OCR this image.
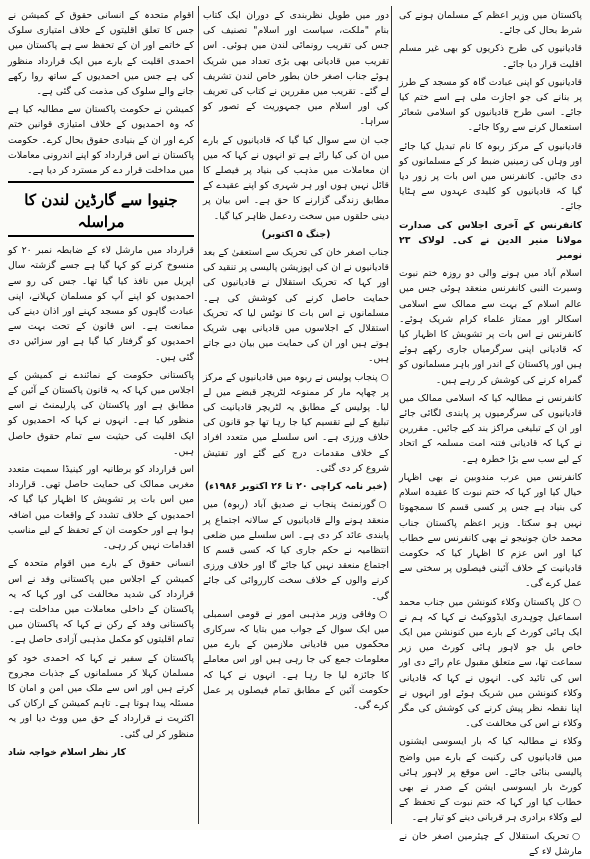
پاکستان میں وزیر اعظم کے مسلمان ہونے کی شرط بحال کی جائے۔

قادیانیوں کی طرح ذکریوں کو بھی غیر مسلم اقلیت قرار دیا جائے۔

قادیانیوں کو اپنی عبادت گاہ کو مسجد کے طرز پر بنانے کی جو اجازت ملی ہے اسے ختم کیا جائے۔ اسی طرح قادیانیوں کو اسلامی شعائر استعمال کرنے سے روکا جائے۔

قادیانیوں کے مرکز ربوہ کا نام تبدیل کیا جائے اور وہاں کی زمینیں ضبط کر کے مسلمانوں کو دی جائیں۔ کانفرنس میں اس بات پر زور دیا گیا کہ قادیانیوں کو کلیدی عہدوں سے ہٹایا جائے۔

کانفرنس کے آخری اجلاس کی صدارت مولانا منیر الدین نے کی۔ لولاک ۲۳ نومبر

اسلام آباد میں ہونے والی دو روزہ ختم نبوت وسیرت النبی کانفرنس منعقد ہوئی جس میں عالم اسلام کے بہت سے ممالک سے اسلامی اسکالر اور ممتاز علماء کرام شریک ہوئے۔ کانفرنس نے اس بات پر تشویش کا اظہار کیا کہ قادیانی اپنی سرگرمیاں جاری رکھے ہوئے ہیں اور پاکستان کے اندر اور باہر مسلمانوں کو گمراہ کرنے کی کوشش کر رہے ہیں۔

کانفرنس نے مطالبہ کیا کہ اسلامی ممالک میں قادیانیوں کی سرگرمیوں پر پابندی لگائی جائے اور ان کے تبلیغی مراکز بند کیے جائیں۔ مقررین نے کہا کہ قادیانی فتنہ امت مسلمہ کے اتحاد کے لیے سب سے بڑا خطرہ ہے۔

کانفرنس میں عرب مندوبین نے بھی اظہار خیال کیا اور کہا کہ ختم نبوت کا عقیدہ اسلام کی بنیاد ہے جس پر کسی قسم کا سمجھوتا نہیں ہو سکتا۔ وزیر اعظم پاکستان جناب محمد خان جونیجو نے بھی کانفرنس سے خطاب کیا اور اس عزم کا اظہار کیا کہ حکومت قادیانیت کے خلاف آئینی فیصلوں پر سختی سے عمل کرے گی۔

○کل پاکستان وکلاء کنونشن میں جناب محمد اسماعیل چوہدری ایڈووکیٹ نے کہا کہ ہم نے ایک ہائی کورٹ کے بارے میں کنونشن میں ایک خاص بل جو لاہور ہائی کورٹ میں زیر سماعت تھا، سے متعلق مقبول عام رائے دی اور اس کی تائید کی۔ انہوں نے کہا کہ قادیانی وکلاء کنونشن میں شریک ہوئے اور انہوں نے اپنا نقطہ نظر پیش کرنے کی کوشش کی مگر وکلاء نے اس کی مخالفت کی۔

وکلاء نے مطالبہ کیا کہ بار ایسوسی ایشنوں میں قادیانیوں کی رکنیت کے بارے میں واضح پالیسی بنائی جائے۔ اس موقع پر لاہور ہائی کورٹ بار ایسوسی ایشن کے صدر نے بھی خطاب کیا اور کہا کہ ختم نبوت کے تحفظ کے لیے وکلاء برادری ہر قربانی دینے کو تیار ہے۔

○تحریک استقلال کے چیئرمین اصغر خان نے مارشل لاء کے

دور میں طویل نظربندی کے دوران ایک کتاب بنام "ملکت، سیاست اور اسلام" تصنیف کی جس کی تقریب رونمائی لندن میں ہوئی۔ اس تقریب میں قادیانی بھی بڑی تعداد میں شریک ہوئے جناب اصغر خان بطور خاص لندن تشریف لے گئے۔ تقریب میں مقررین نے کتاب کی تعریف کی اور اسلام میں جمہوریت کے تصور کو سراہا۔

جب ان سے سوال کیا گیا کہ قادیانیوں کے بارے میں ان کی کیا رائے ہے تو انہوں نے کہا کہ میں ان معاملات میں مذہب کی بنیاد پر فیصلے کا قائل نہیں ہوں اور ہر شہری کو اپنے عقیدے کے مطابق زندگی گزارنے کا حق ہے۔ اس بیان پر دینی حلقوں میں سخت ردعمل ظاہر کیا گیا۔

(جنگ ۵ اکتوبر)

جناب اصغر خان کی تحریک سے استعفیٰ کے بعد قادیانیوں نے ان کی اپوزیشن پالیسی پر تنقید کی اور کہا کہ تحریک استقلال نے قادیانیوں کی حمایت حاصل کرنے کی کوشش کی ہے۔ مسلمانوں نے اس بات کا نوٹس لیا کہ تحریک استقلال کے اجلاسوں میں قادیانی بھی شریک ہوتے ہیں اور ان کی حمایت میں بیان دیے جاتے ہیں۔

○پنجاب پولیس نے ربوہ میں قادیانیوں کے مرکز پر چھاپہ مار کر ممنوعہ لٹریچر قبضے میں لے لیا۔ پولیس کے مطابق یہ لٹریچر قادیانیت کی تبلیغ کے لیے تقسیم کیا جا رہا تھا جو قانون کی خلاف ورزی ہے۔ اس سلسلے میں متعدد افراد کے خلاف مقدمات درج کیے گئے اور تفتیش شروع کر دی گئی۔

(خبر نامہ کراچی ۲۰ تا ۲۶ اکتوبر ۱۹۸۶ء)

○گورنمنٹ پنجاب نے صدیق آباد (ربوہ) میں منعقد ہونے والے قادیانیوں کے سالانہ اجتماع پر پابندی عائد کر دی ہے۔ اس سلسلے میں ضلعی انتظامیہ نے حکم جاری کیا کہ کسی قسم کا اجتماع منعقد نہیں کیا جائے گا اور خلاف ورزی کرنے والوں کے خلاف سخت کارروائی کی جائے گی۔

○وفاقی وزیر مذہبی امور نے قومی اسمبلی میں ایک سوال کے جواب میں بتایا کہ سرکاری محکموں میں قادیانی ملازمین کے بارے میں معلومات جمع کی جا رہی ہیں اور اس معاملے کا جائزہ لیا جا رہا ہے۔ انہوں نے کہا کہ حکومت آئین کے مطابق تمام فیصلوں پر عمل کرے گی۔

اقوام متحدہ کے انسانی حقوق کے کمیشن نے جس کا تعلق اقلیتوں کے خلاف امتیازی سلوک کے خاتمے اور ان کے تحفظ سے ہے پاکستان میں احمدی اقلیت کے بارے میں ایک قرارداد منظور کی ہے جس میں احمدیوں کے ساتھ روا رکھے جانے والے سلوک کی مذمت کی گئی ہے۔

کمیشن نے حکومت پاکستان سے مطالبہ کیا ہے کہ وہ احمدیوں کے خلاف امتیازی قوانین ختم کرے اور ان کے بنیادی حقوق بحال کرے۔ حکومت پاکستان نے اس قرارداد کو اپنے اندرونی معاملات میں مداخلت قرار دے کر مسترد کر دیا ہے۔

جنیوا سے گارڈین لندن کا مراسلہ

قرارداد میں مارشل لاء کے ضابطہ نمبر ۲۰ کو منسوخ کرنے کو کہا گیا ہے جسے گزشتہ سال اپریل میں نافذ کیا گیا تھا۔ جس کی رو سے احمدیوں کو اپنے آپ کو مسلمان کہلانے، اپنی عبادت گاہوں کو مسجد کہنے اور اذان دینے کی ممانعت ہے۔ اس قانون کے تحت بہت سے احمدیوں کو گرفتار کیا گیا ہے اور سزائیں دی گئی ہیں۔

پاکستانی حکومت کے نمائندے نے کمیشن کے اجلاس میں کہا کہ یہ قانون پاکستان کے آئین کے مطابق ہے اور پاکستان کی پارلیمنٹ نے اسے منظور کیا ہے۔ انہوں نے کہا کہ احمدیوں کو ایک اقلیت کی حیثیت سے تمام حقوق حاصل ہیں۔

اس قرارداد کو برطانیہ اور کینیڈا سمیت متعدد مغربی ممالک کی حمایت حاصل تھی۔ قرارداد میں اس بات پر تشویش کا اظہار کیا گیا کہ احمدیوں کے خلاف تشدد کے واقعات میں اضافہ ہوا ہے اور حکومت ان کے تحفظ کے لیے مناسب اقدامات نہیں کر رہی۔

انسانی حقوق کے بارے میں اقوام متحدہ کے کمیشن کے اجلاس میں پاکستانی وفد نے اس قرارداد کی شدید مخالفت کی اور کہا کہ یہ پاکستان کے داخلی معاملات میں مداخلت ہے۔ پاکستانی وفد کے رکن نے کہا کہ پاکستان میں تمام اقلیتوں کو مکمل مذہبی آزادی حاصل ہے۔

پاکستان کے سفیر نے کہا کہ احمدی خود کو مسلمان کہلا کر مسلمانوں کے جذبات مجروح کرتے ہیں اور اس سے ملک میں امن و امان کا مسئلہ پیدا ہوتا ہے۔ تاہم کمیشن کے ارکان کی اکثریت نے قرارداد کے حق میں ووٹ دیا اور یہ منظور کر لی گئی۔

کار نظر اسلام خواجہ شاد
